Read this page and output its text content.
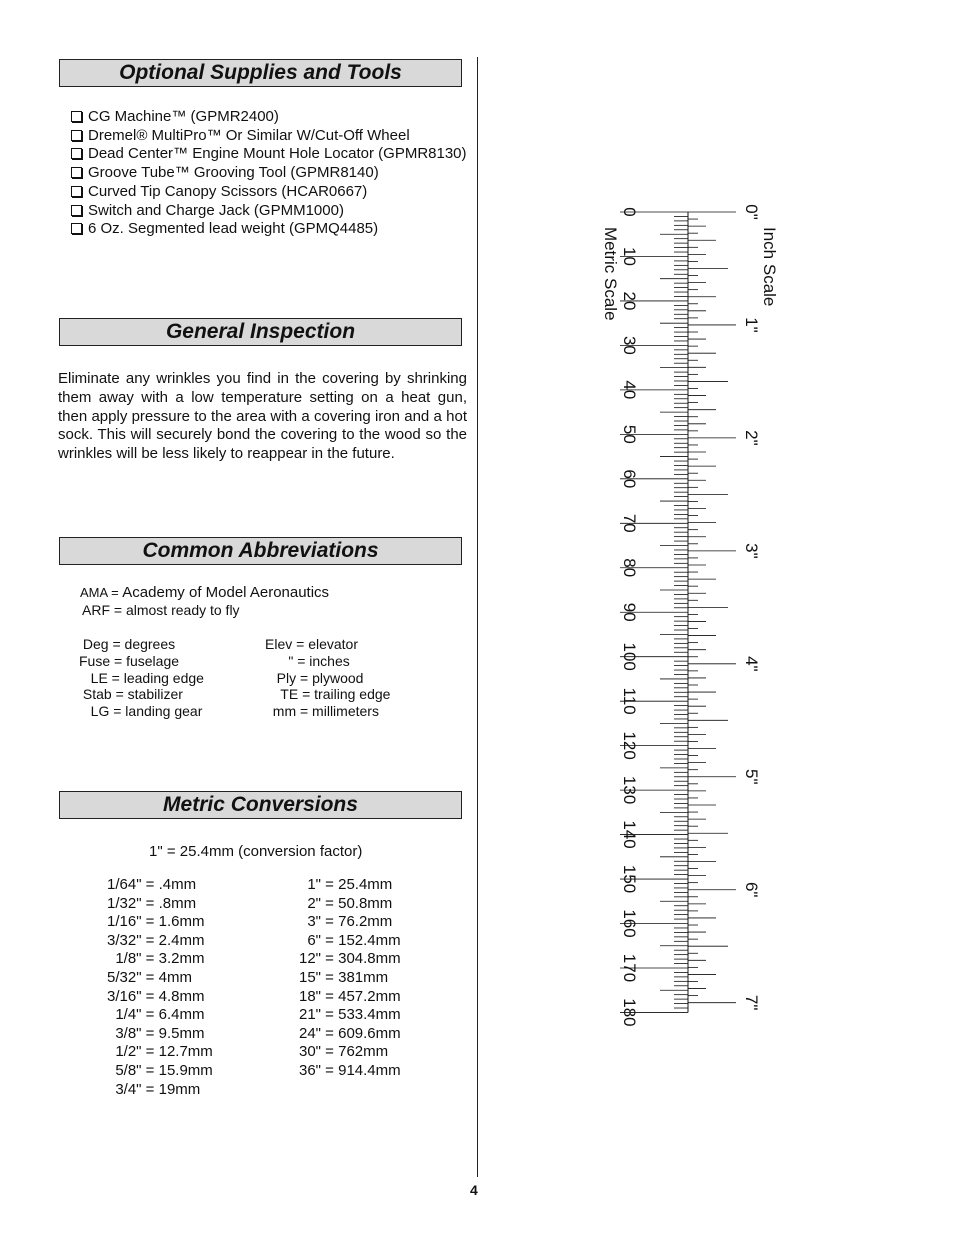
Optional Supplies and Tools
CG Machine™ (GPMR2400)
Dremel® MultiPro™ Or Similar W/Cut-Off Wheel
Dead Center™ Engine Mount Hole Locator (GPMR8130)
Groove Tube™ Grooving Tool (GPMR8140)
Curved Tip Canopy Scissors (HCAR0667)
Switch and Charge Jack (GPMM1000)
6 Oz. Segmented lead weight (GPMQ4485)
General Inspection

Eliminate any wrinkles you find in the covering by shrinking them away with a low temperature setting on a heat gun, then apply pressure to the area with a covering iron and a hot sock. This will securely bond the covering to the wood so the wrinkles will be less likely to reappear in the future.

Common Abbreviations
AMA = Academy of Model Aeronautics
ARF = almost ready to fly
Deg = degrees
Fuse = fuselage
LE = leading edge
Stab = stabilizer
LG = landing gear
Elev = elevator
" = inches
Ply = plywood
TE = trailing edge
mm = millimeters
Metric Conversions
1" = 25.4mm (conversion factor)
1/64" = .4mm
1/32" = .8mm
1/16" = 1.6mm
3/32" = 2.4mm
1/8" = 3.2mm
5/32" = 4mm
3/16" = 4.8mm
1/4" = 6.4mm
3/8" = 9.5mm
1/2" = 12.7mm
5/8" = 15.9mm
3/4" = 19mm
1" = 25.4mm
2" = 50.8mm
3" = 76.2mm
6" = 152.4mm
12" = 304.8mm
15" = 381mm
18" = 457.2mm
21" = 533.4mm
24" = 609.6mm
30" = 762mm
36" = 914.4mm
4
0
10
20
30
40
50
60
70
80
90
100
110
120
130
140
150
160
170
180
0"
1"
2"
3"
4"
5"
6"
7"
Metric Scale	Inch Scale
